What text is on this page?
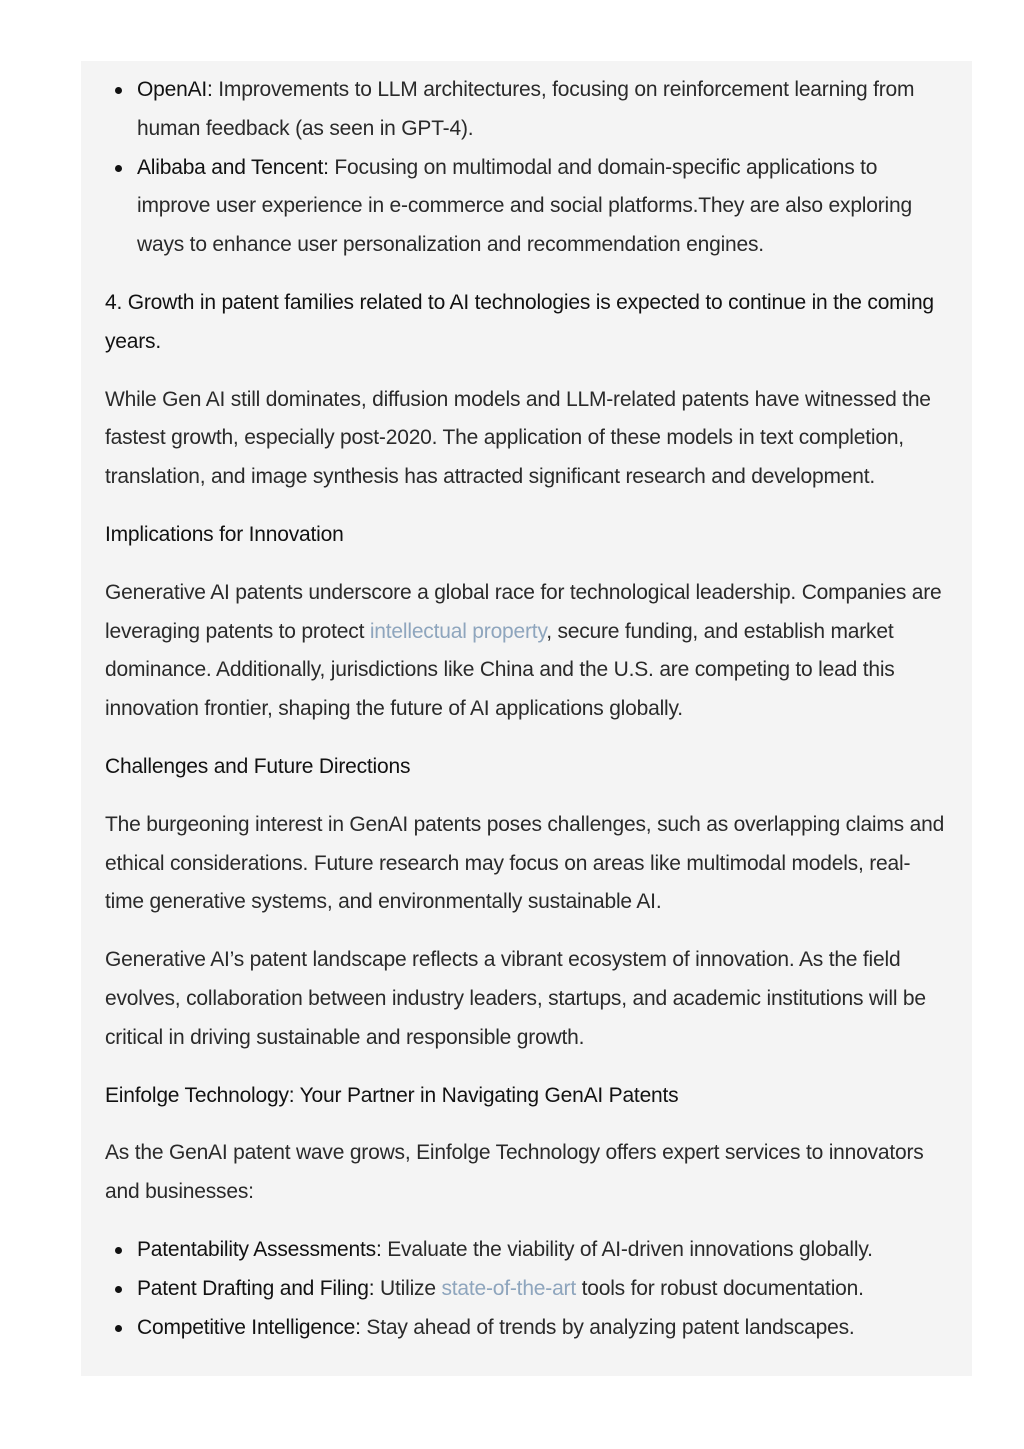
OpenAI: Improvements to LLM architectures, focusing on reinforcement learning from human feedback (as seen in GPT-4).
Alibaba and Tencent: Focusing on multimodal and domain-specific applications to improve user experience in e-commerce and social platforms.They are also exploring ways to enhance user personalization and recommendation engines.
4. Growth in patent families related to AI technologies is expected to continue in the coming years.

While Gen AI still dominates, diffusion models and LLM-related patents have witnessed the fastest growth, especially post-2020. The application of these models in text completion, translation, and image synthesis has attracted significant research and development.

Implications for Innovation

Generative AI patents underscore a global race for technological leadership. Companies are leveraging patents to protect intellectual property, secure funding, and establish market dominance. Additionally, jurisdictions like China and the U.S. are competing to lead this innovation frontier, shaping the future of AI applications globally.

Challenges and Future Directions

The burgeoning interest in GenAI patents poses challenges, such as overlapping claims and ethical considerations. Future research may focus on areas like multimodal models, real-time generative systems, and environmentally sustainable AI.

Generative AI’s patent landscape reflects a vibrant ecosystem of innovation. As the field evolves, collaboration between industry leaders, startups, and academic institutions will be critical in driving sustainable and responsible growth.

Einfolge Technology: Your Partner in Navigating GenAI Patents

As the GenAI patent wave grows, Einfolge Technology offers expert services to innovators and businesses:

Patentability Assessments: Evaluate the viability of AI-driven innovations globally.
Patent Drafting and Filing: Utilize state-of-the-art tools for robust documentation.
Competitive Intelligence: Stay ahead of trends by analyzing patent landscapes.
